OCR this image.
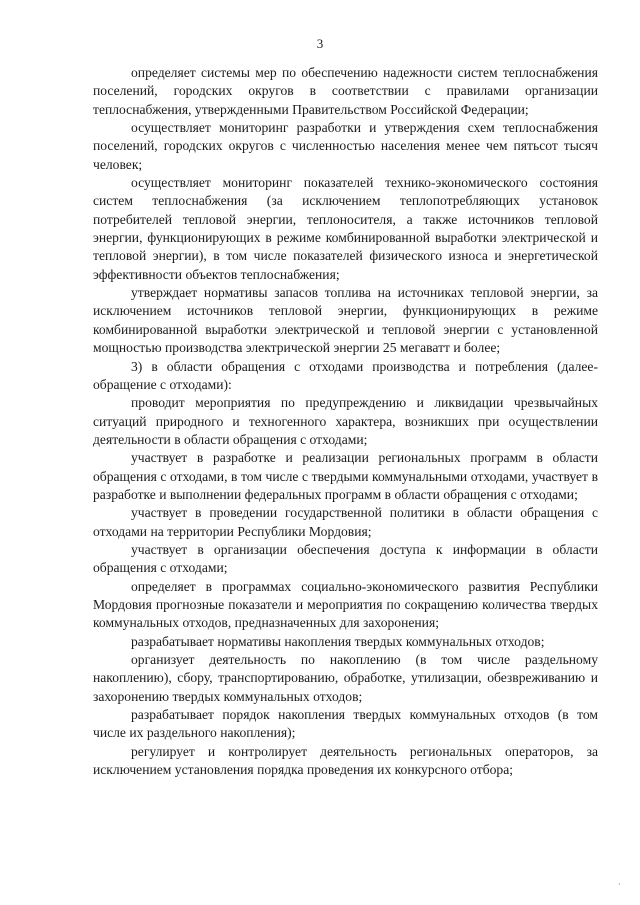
3

определяет системы мер по обеспечению надежности систем теплоснабжения поселений, городских округов в соответствии с правилами организации теплоснабжения, утвержденными Правительством Российской Федерации;

осуществляет мониторинг разработки и утверждения схем теплоснабжения поселений, городских округов с численностью населения менее чем пятьсот тысяч человек;

осуществляет мониторинг показателей технико-экономического состояния систем теплоснабжения (за исключением теплопотребляющих установок потребителей тепловой энергии, теплоносителя, а также источников тепловой энергии, функционирующих в режиме комбинированной выработки электрической и тепловой энергии), в том числе показателей физического износа и энергетической эффективности объектов теплоснабжения;

утверждает нормативы запасов топлива на источниках тепловой энергии, за исключением источников тепловой энергии, функционирующих в режиме комбинированной выработки электрической и тепловой энергии с установленной мощностью производства электрической энергии 25 мегаватт и более;

3) в области обращения с отходами производства и потребления (далее- обращение с отходами):

проводит мероприятия по предупреждению и ликвидации чрезвычайных ситуаций природного и техногенного характера, возникших при осуществлении деятельности в области обращения с отходами;

участвует в разработке и реализации региональных программ в области обращения с отходами, в том числе с твердыми коммунальными отходами, участвует в разработке и выполнении федеральных программ в области обращения с отходами;

участвует в проведении государственной политики в области обращения с отходами на территории Республики Мордовия;

участвует в организации обеспечения доступа к информации в области обращения с отходами;

определяет в программах социально-экономического развития Республики Мордовия прогнозные показатели и мероприятия по сокращению количества твердых коммунальных отходов, предназначенных для захоронения;

разрабатывает нормативы накопления твердых коммунальных отходов;

организует деятельность по накоплению (в том числе раздельному накоплению), сбору, транспортированию, обработке, утилизации, обезвреживанию и захоронению твердых коммунальных отходов;

разрабатывает порядок накопления твердых коммунальных отходов (в том числе их раздельного накопления);

регулирует и контролирует деятельность региональных операторов, за исключением установления порядка проведения их конкурсного отбора;

·
